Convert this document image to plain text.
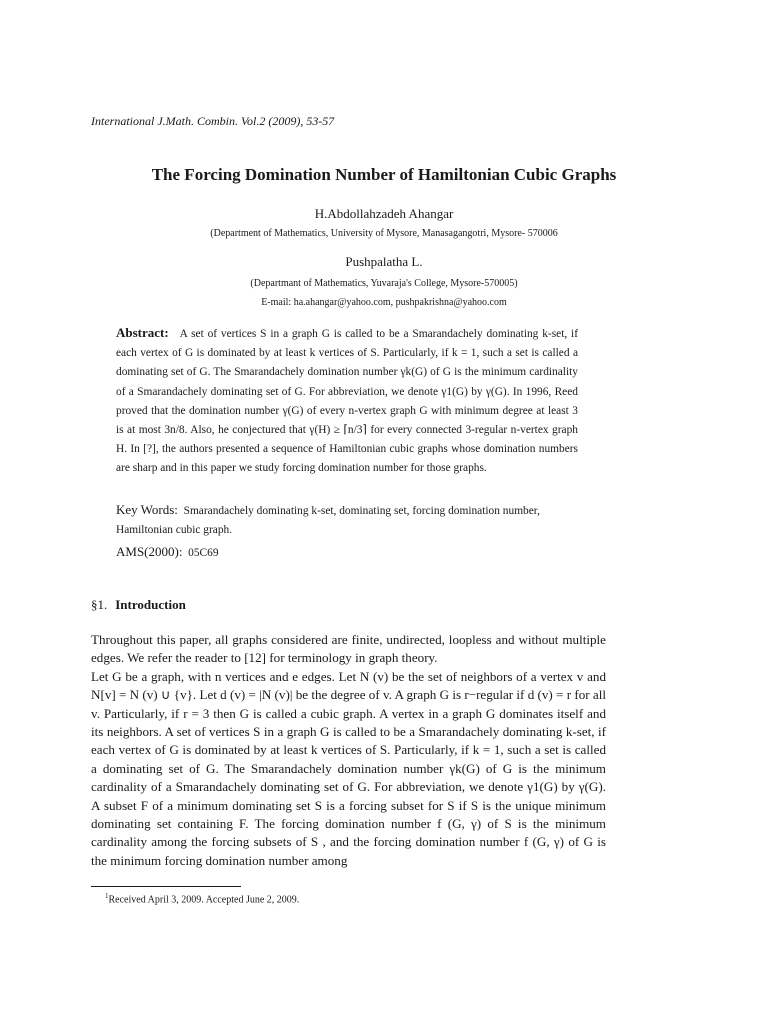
International J.Math. Combin. Vol.2 (2009), 53-57
The Forcing Domination Number of Hamiltonian Cubic Graphs
H.Abdollahzadeh Ahangar
(Department of Mathematics, University of Mysore, Manasagangotri, Mysore- 570006
Pushpalatha L.
(Departmant of Mathematics, Yuvaraja's College, Mysore-570005)
E-mail: ha.ahangar@yahoo.com, pushpakrishna@yahoo.com
Abstract: A set of vertices S in a graph G is called to be a Smarandachely dominating k-set, if each vertex of G is dominated by at least k vertices of S. Particularly, if k = 1, such a set is called a dominating set of G. The Smarandachely domination number γk(G) of G is the minimum cardinality of a Smarandachely dominating set of G. For abbreviation, we denote γ1(G) by γ(G). In 1996, Reed proved that the domination number γ(G) of every n-vertex graph G with minimum degree at least 3 is at most 3n/8. Also, he conjectured that γ(H) ≥ ⌈n/3⌉ for every connected 3-regular n-vertex graph H. In [?], the authors presented a sequence of Hamiltonian cubic graphs whose domination numbers are sharp and in this paper we study forcing domination number for those graphs.
Key Words: Smarandachely dominating k-set, dominating set, forcing domination number, Hamiltonian cubic graph.
AMS(2000): 05C69
§1. Introduction

Throughout this paper, all graphs considered are finite, undirected, loopless and without multiple edges. We refer the reader to [12] for terminology in graph theory.

Let G be a graph, with n vertices and e edges. Let N (v) be the set of neighbors of a vertex v and N[v] = N (v) ∪ {v}. Let d (v) = |N (v)| be the degree of v. A graph G is r−regular if d (v) = r for all v. Particularly, if r = 3 then G is called a cubic graph. A vertex in a graph G dominates itself and its neighbors. A set of vertices S in a graph G is called to be a Smarandachely dominating k-set, if each vertex of G is dominated by at least k vertices of S. Particularly, if k = 1, such a set is called a dominating set of G. The Smarandachely domination number γk(G) of G is the minimum cardinality of a Smarandachely dominating set of G. For abbreviation, we denote γ1(G) by γ(G). A subset F of a minimum dominating set S is a forcing subset for S if S is the unique minimum dominating set containing F. The forcing domination number f (G, γ) of S is the minimum cardinality among the forcing subsets of S , and the forcing domination number f (G, γ) of G is the minimum forcing domination number among

$^1$Received April 3, 2009. Accepted June 2, 2009.
